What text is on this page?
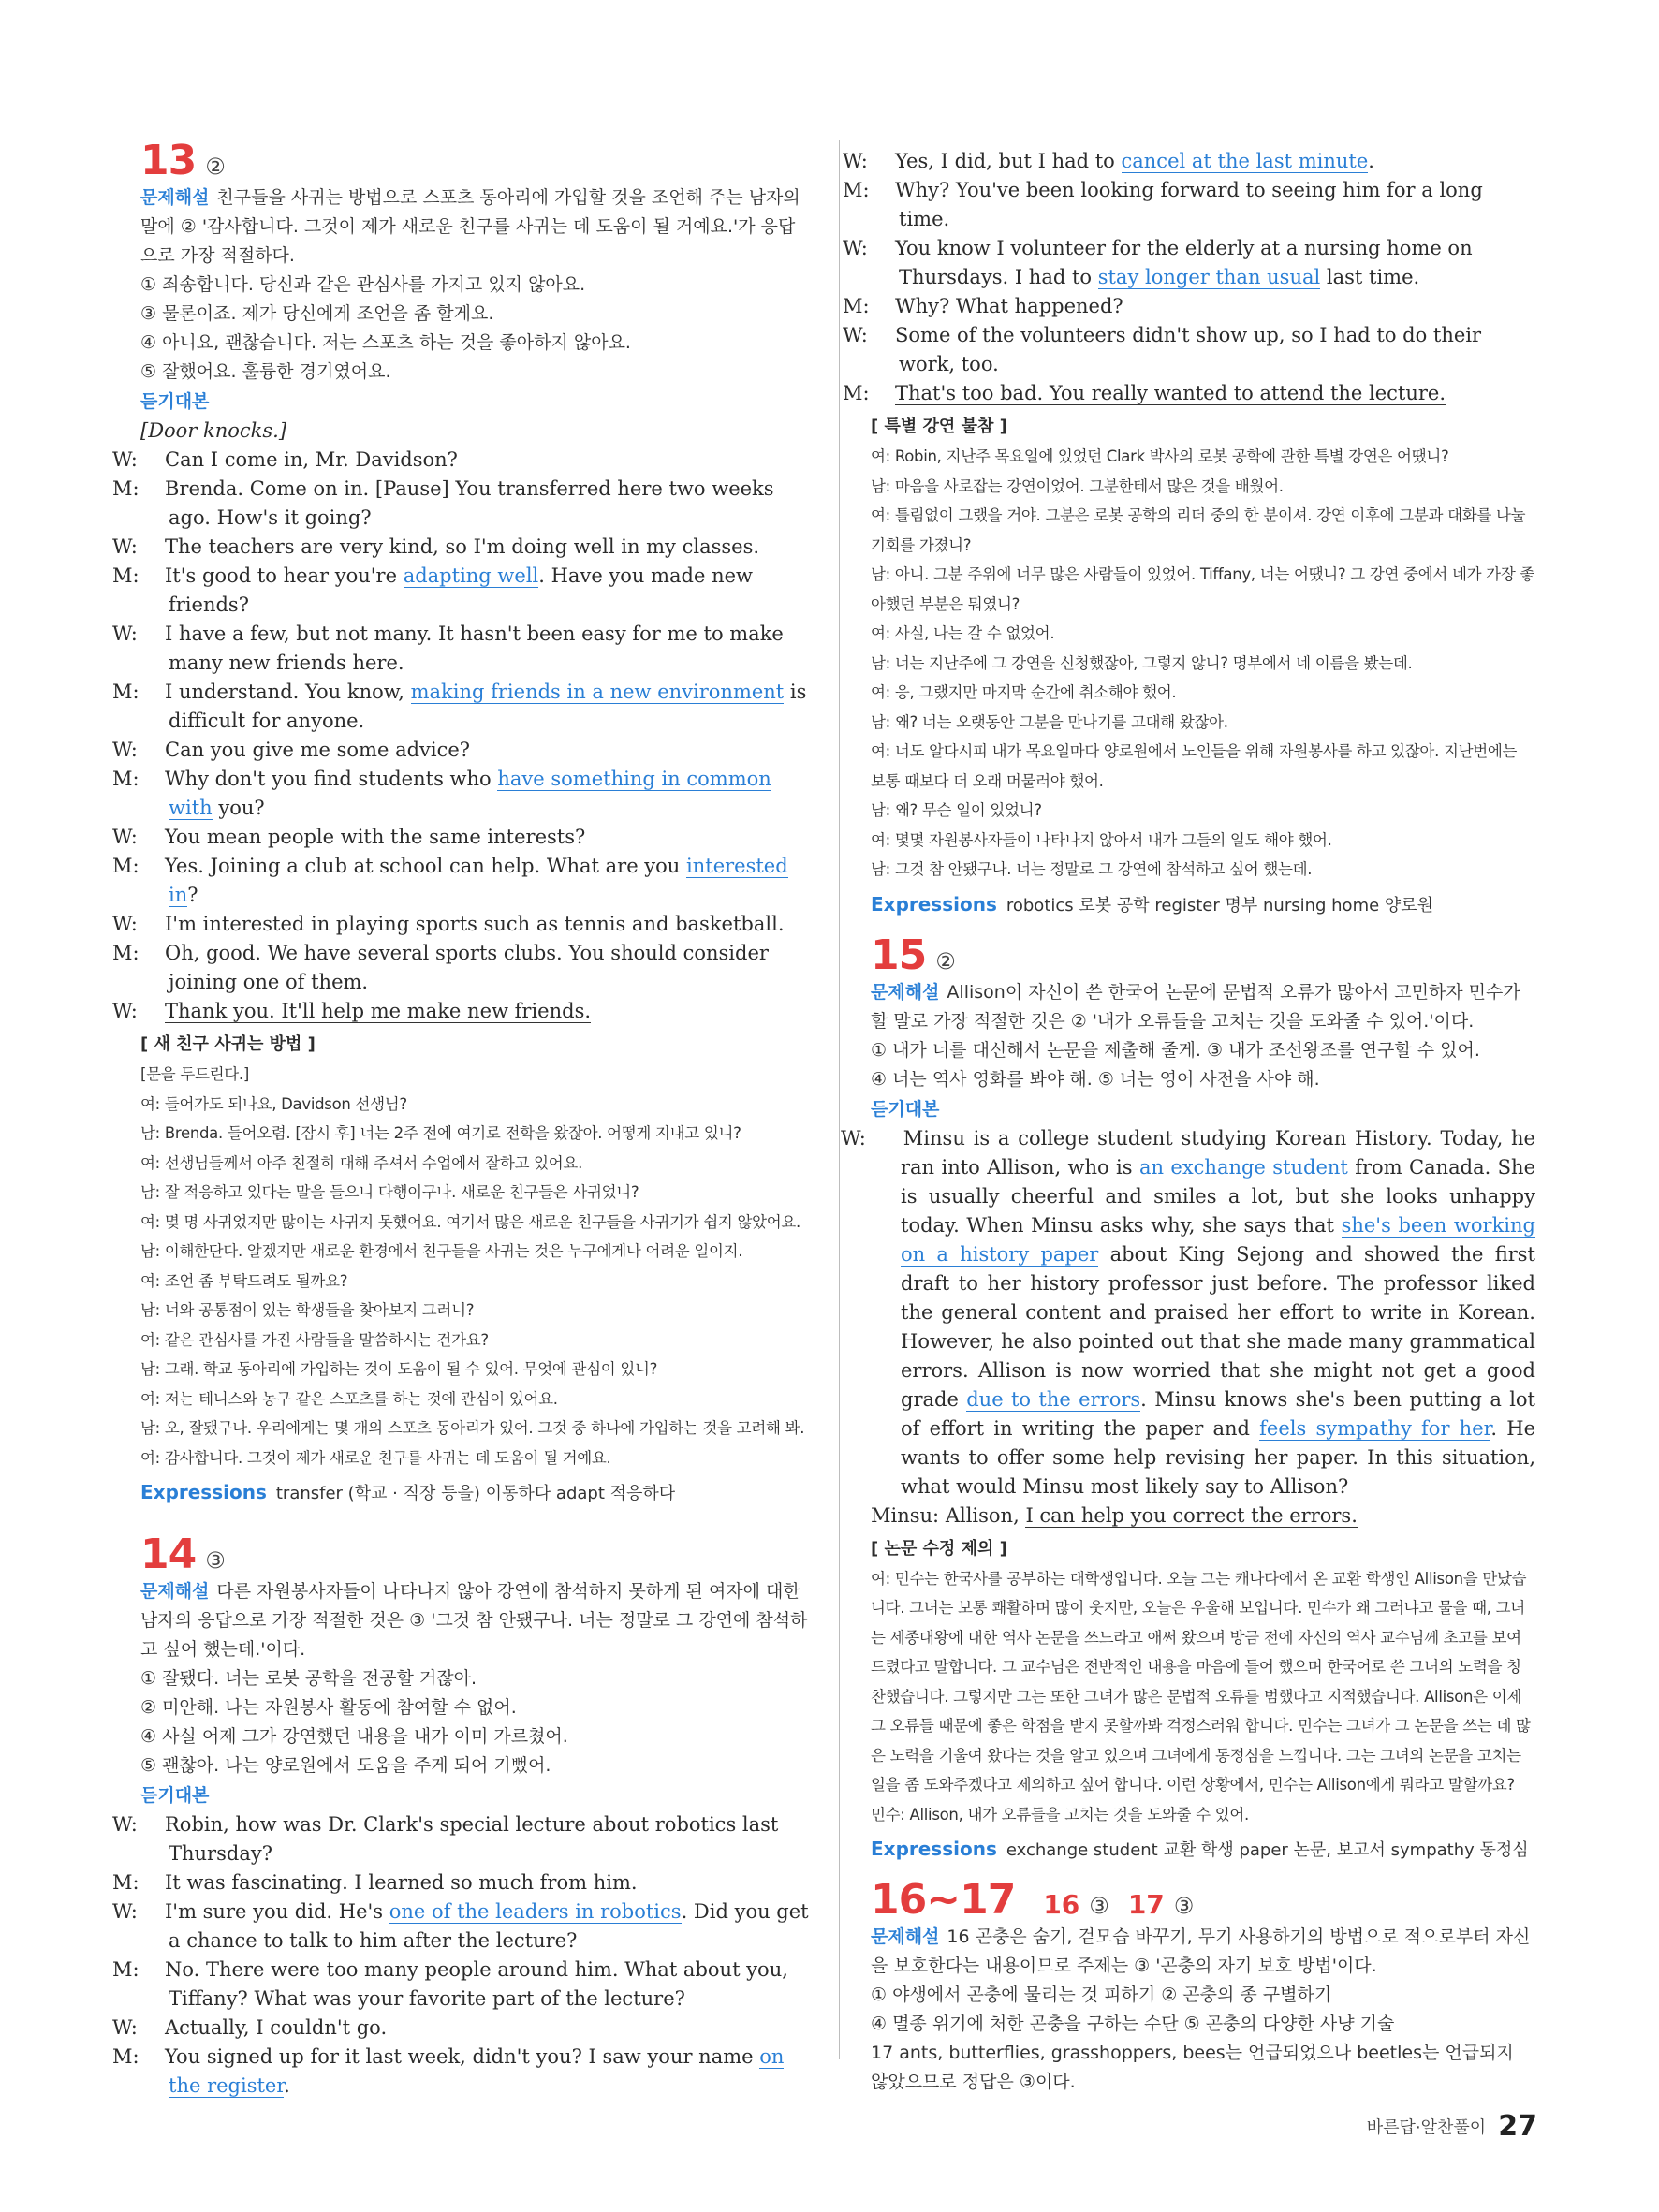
13 ②

문제해설 친구들을 사귀는 방법으로 스포츠 동아리에 가입할 것을 조언해 주는 남자의 말에 ② '감사합니다. 그것이 제가 새로운 친구를 사귀는 데 도움이 될 거예요.'가 응답으로 가장 적절하다.

① 죄송합니다. 당신과 같은 관심사를 가지고 있지 않아요.

③ 물론이죠. 제가 당신에게 조언을 좀 할게요.

④ 아니요, 괜찮습니다. 저는 스포츠 하는 것을 좋아하지 않아요.

⑤ 잘했어요. 훌륭한 경기였어요.

듣기대본

[Door knocks.]

W: Can I come in, Mr. Davidson?

M: Brenda. Come on in. [Pause] You transferred here two weeks ago. How's it going?

W: The teachers are very kind, so I'm doing well in my classes.

M: It's good to hear you're adapting well. Have you made new friends?

W: I have a few, but not many. It hasn't been easy for me to make many new friends here.

M: I understand. You know, making friends in a new environment is difficult for anyone.

W: Can you give me some advice?

M: Why don't you find students who have something in common with you?

W: You mean people with the same interests?

M: Yes. Joining a club at school can help. What are you interested in?

W: I'm interested in playing sports such as tennis and basketball.

M: Oh, good. We have several sports clubs. You should consider joining one of them.

W: Thank you. It'll help me make new friends.

[ 새 친구 사귀는 방법 ]

[문을 두드린다.]

여: 들어가도 되나요, Davidson 선생님?

남: Brenda. 들어오렴. [잠시 후] 너는 2주 전에 여기로 전학을 왔잖아. 어떻게 지내고 있니?

여: 선생님들께서 아주 친절히 대해 주셔서 수업에서 잘하고 있어요.

남: 잘 적응하고 있다는 말을 들으니 다행이구나. 새로운 친구들은 사귀었니?

여: 몇 명 사귀었지만 많이는 사귀지 못했어요. 여기서 많은 새로운 친구들을 사귀기가 쉽지 않았어요.

남: 이해한단다. 알겠지만 새로운 환경에서 친구들을 사귀는 것은 누구에게나 어려운 일이지.

여: 조언 좀 부탁드려도 될까요?

남: 너와 공통점이 있는 학생들을 찾아보지 그러니?

여: 같은 관심사를 가진 사람들을 말씀하시는 건가요?

남: 그래. 학교 동아리에 가입하는 것이 도움이 될 수 있어. 무엇에 관심이 있니?

여: 저는 테니스와 농구 같은 스포츠를 하는 것에 관심이 있어요.

남: 오, 잘됐구나. 우리에게는 몇 개의 스포츠 동아리가 있어. 그것 중 하나에 가입하는 것을 고려해 봐.

여: 감사합니다. 그것이 제가 새로운 친구를 사귀는 데 도움이 될 거예요.

Expressions transfer (학교 · 직장 등을) 이동하다 adapt 적응하다

14 ③

문제해설 다른 자원봉사자들이 나타나지 않아 강연에 참석하지 못하게 된 여자에 대한 남자의 응답으로 가장 적절한 것은 ③ '그것 참 안됐구나. 너는 정말로 그 강연에 참석하고 싶어 했는데.'이다.

① 잘됐다. 너는 로봇 공학을 전공할 거잖아.

② 미안해. 나는 자원봉사 활동에 참여할 수 없어.

④ 사실 어제 그가 강연했던 내용을 내가 이미 가르쳤어.

⑤ 괜찮아. 나는 양로원에서 도움을 주게 되어 기뻤어.

듣기대본

W: Robin, how was Dr. Clark's special lecture about robotics last Thursday?

M: It was fascinating. I learned so much from him.

W: I'm sure you did. He's one of the leaders in robotics. Did you get a chance to talk to him after the lecture?

M: No. There were too many people around him. What about you, Tiffany? What was your favorite part of the lecture?

W: Actually, I couldn't go.

M: You signed up for it last week, didn't you? I saw your name on the register.

W: Yes, I did, but I had to cancel at the last minute.

M: Why? You've been looking forward to seeing him for a long time.

W: You know I volunteer for the elderly at a nursing home on Thursdays. I had to stay longer than usual last time.

M: Why? What happened?

W: Some of the volunteers didn't show up, so I had to do their work, too.

M: That's too bad. You really wanted to attend the lecture.

[ 특별 강연 불참 ]

여: Robin, 지난주 목요일에 있었던 Clark 박사의 로봇 공학에 관한 특별 강연은 어땠니?

남: 마음을 사로잡는 강연이었어. 그분한테서 많은 것을 배웠어.

여: 틀림없이 그랬을 거야. 그분은 로봇 공학의 리더 중의 한 분이셔. 강연 이후에 그분과 대화를 나눌 기회를 가졌니?

남: 아니. 그분 주위에 너무 많은 사람들이 있었어. Tiffany, 너는 어땠니? 그 강연 중에서 네가 가장 좋아했던 부분은 뭐였니?

여: 사실, 나는 갈 수 없었어.

남: 너는 지난주에 그 강연을 신청했잖아, 그렇지 않니? 명부에서 네 이름을 봤는데.

여: 응, 그랬지만 마지막 순간에 취소해야 했어.

남: 왜? 너는 오랫동안 그분을 만나기를 고대해 왔잖아.

여: 너도 알다시피 내가 목요일마다 양로원에서 노인들을 위해 자원봉사를 하고 있잖아. 지난번에는 보통 때보다 더 오래 머물러야 했어.

남: 왜? 무슨 일이 있었니?

여: 몇몇 자원봉사자들이 나타나지 않아서 내가 그들의 일도 해야 했어.

남: 그것 참 안됐구나. 너는 정말로 그 강연에 참석하고 싶어 했는데.

Expressions robotics 로봇 공학 register 명부 nursing home 양로원

15 ②

문제해설 Allison이 자신이 쓴 한국어 논문에 문법적 오류가 많아서 고민하자 민수가 할 말로 가장 적절한 것은 ② '내가 오류들을 고치는 것을 도와줄 수 있어.'이다.

① 내가 너를 대신해서 논문을 제출해 줄게. ③ 내가 조선왕조를 연구할 수 있어.

④ 너는 역사 영화를 봐야 해. ⑤ 너는 영어 사전을 사야 해.

듣기대본

W: Minsu is a college student studying Korean History. Today, he ran into Allison, who is an exchange student from Canada. She is usually cheerful and smiles a lot, but she looks unhappy today. When Minsu asks why, she says that she's been working on a history paper about King Sejong and showed the first draft to her history professor just before. The professor liked the general content and praised her effort to write in Korean. However, he also pointed out that she made many grammatical errors. Allison is now worried that she might not get a good grade due to the errors. Minsu knows she's been putting a lot of effort in writing the paper and feels sympathy for her. He wants to offer some help revising her paper. In this situation, what would Minsu most likely say to Allison?

Minsu: Allison, I can help you correct the errors.

[ 논문 수정 제의 ]

여: 민수는 한국사를 공부하는 대학생입니다. 오늘 그는 캐나다에서 온 교환 학생인 Allison을 만났습니다. 그녀는 보통 쾌활하며 많이 웃지만, 오늘은 우울해 보입니다. 민수가 왜 그러냐고 물을 때, 그녀는 세종대왕에 대한 역사 논문을 쓰느라고 애써 왔으며 방금 전에 자신의 역사 교수님께 초고를 보여드렸다고 말합니다. 그 교수님은 전반적인 내용을 마음에 들어 했으며 한국어로 쓴 그녀의 노력을 칭찬했습니다. 그렇지만 그는 또한 그녀가 많은 문법적 오류를 범했다고 지적했습니다. Allison은 이제 그 오류들 때문에 좋은 학점을 받지 못할까봐 걱정스러워 합니다. 민수는 그녀가 그 논문을 쓰는 데 많은 노력을 기울여 왔다는 것을 알고 있으며 그녀에게 동정심을 느낍니다. 그는 그녀의 논문을 고치는 일을 좀 도와주겠다고 제의하고 싶어 합니다. 이런 상황에서, 민수는 Allison에게 뭐라고 말할까요?

민수: Allison, 내가 오류들을 고치는 것을 도와줄 수 있어.

Expressions exchange student 교환 학생 paper 논문, 보고서 sympathy 동정심

16~17 16 ③ 17 ③

문제해설 16 곤충은 숨기, 겉모습 바꾸기, 무기 사용하기의 방법으로 적으로부터 자신을 보호한다는 내용이므로 주제는 ③ '곤충의 자기 보호 방법'이다.

① 야생에서 곤충에 물리는 것 피하기 ② 곤충의 종 구별하기

④ 멸종 위기에 처한 곤충을 구하는 수단 ⑤ 곤충의 다양한 사냥 기술

17 ants, butterflies, grasshoppers, bees는 언급되었으나 beetles는 언급되지 않았으므로 정답은 ③이다.

바른답·알찬풀이 27
